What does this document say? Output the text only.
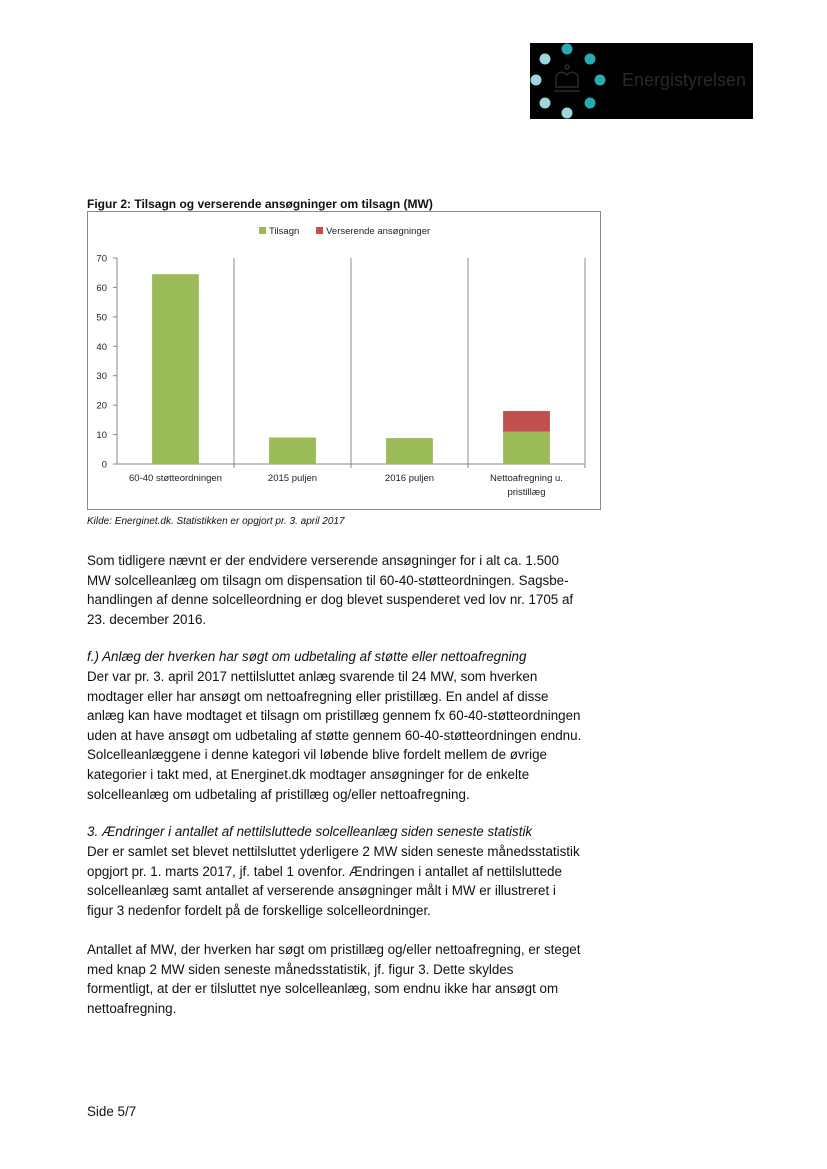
Energistyrelsen
Figur 2: Tilsagn og verserende ansøgninger om tilsagn (MW)
0
10
20
30
40
50
60
70
60-40 støtteordningen	2015 puljen	2016 puljen	Nettoafregning u.
pristillæg
Tilsagn	Verserende ansøgninger
Kilde: Energinet.dk. Statistikken er opgjort pr. 3. april 2017
Som tidligere nævnt er der endvidere verserende ansøgninger for i alt ca. 1.500
MW solcelleanlæg om tilsagn om dispensation til 60-40-støtteordningen. Sagsbe-
handlingen af denne solcelleordning er dog blevet suspenderet ved lov nr. 1705 af
23. december 2016.
f.) Anlæg der hverken har søgt om udbetaling af støtte eller nettoafregning
Der var pr. 3. april 2017 nettilsluttet anlæg svarende til 24 MW, som hverken
modtager eller har ansøgt om nettoafregning eller pristillæg. En andel af disse
anlæg kan have modtaget et tilsagn om pristillæg gennem fx 60-40-støtteordningen
uden at have ansøgt om udbetaling af støtte gennem 60-40-støtteordningen endnu.
Solcelleanlæggene i denne kategori vil løbende blive fordelt mellem de øvrige
kategorier i takt med, at Energinet.dk modtager ansøgninger for de enkelte
solcelleanlæg om udbetaling af pristillæg og/eller nettoafregning.
3. Ændringer i antallet af nettilsluttede solcelleanlæg siden seneste statistik
Der er samlet set blevet nettilsluttet yderligere 2 MW siden seneste månedsstatistik
opgjort pr. 1. marts 2017, jf. tabel 1 ovenfor. Ændringen i antallet af nettilsluttede
solcelleanlæg samt antallet af verserende ansøgninger målt i MW er illustreret i
figur 3 nedenfor fordelt på de forskellige solcelleordninger.
Antallet af MW, der hverken har søgt om pristillæg og/eller nettoafregning, er steget
med knap 2 MW siden seneste månedsstatistik, jf. figur 3. Dette skyldes
formentligt, at der er tilsluttet nye solcelleanlæg, som endnu ikke har ansøgt om
nettoafregning.
Side 5/7
